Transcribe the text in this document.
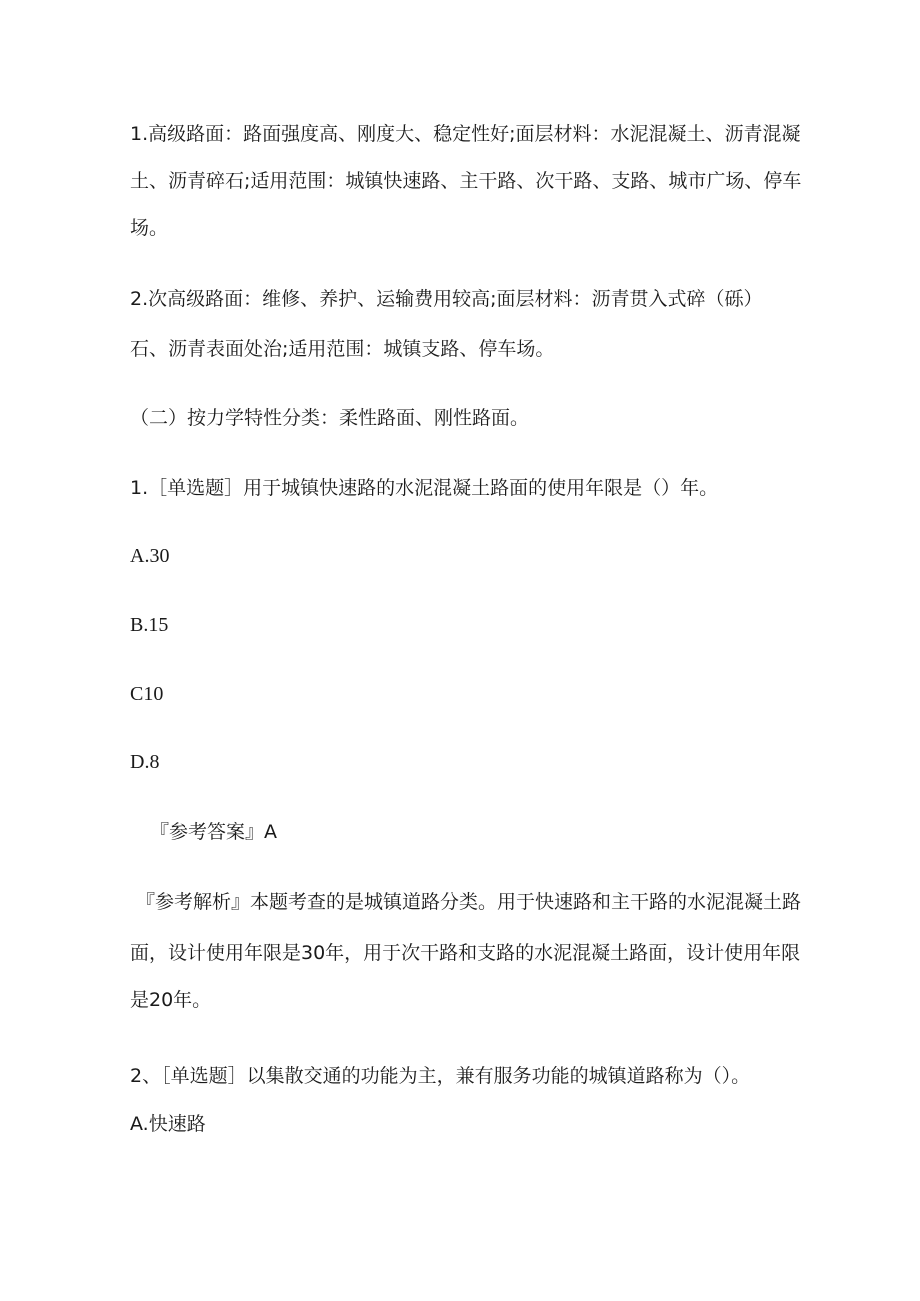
1.高级路面：路面强度高、刚度大、稳定性好;面层材料：水泥混凝土、沥青混凝
土、沥青碎石;适用范围：城镇快速路、主干路、次干路、支路、城市广场、停车
场。
2.次高级路面：维修、养护、运输费用较高;面层材料：沥青贯入式碎（砾）
石、沥青表面处治;适用范围：城镇支路、停车场。
（二）按力学特性分类：柔性路面、刚性路面。
1.［单选题］用于城镇快速路的水泥混凝土路面的使用年限是（）年。
A.30
B.15
C10
D.8
『参考答案』A
『参考解析』本题考查的是城镇道路分类。用于快速路和主干路的水泥混凝土路
面，设计使用年限是30年，用于次干路和支路的水泥混凝土路面，设计使用年限
是20年。
2、［单选题］以集散交通的功能为主，兼有服务功能的城镇道路称为（）。
A.快速路
